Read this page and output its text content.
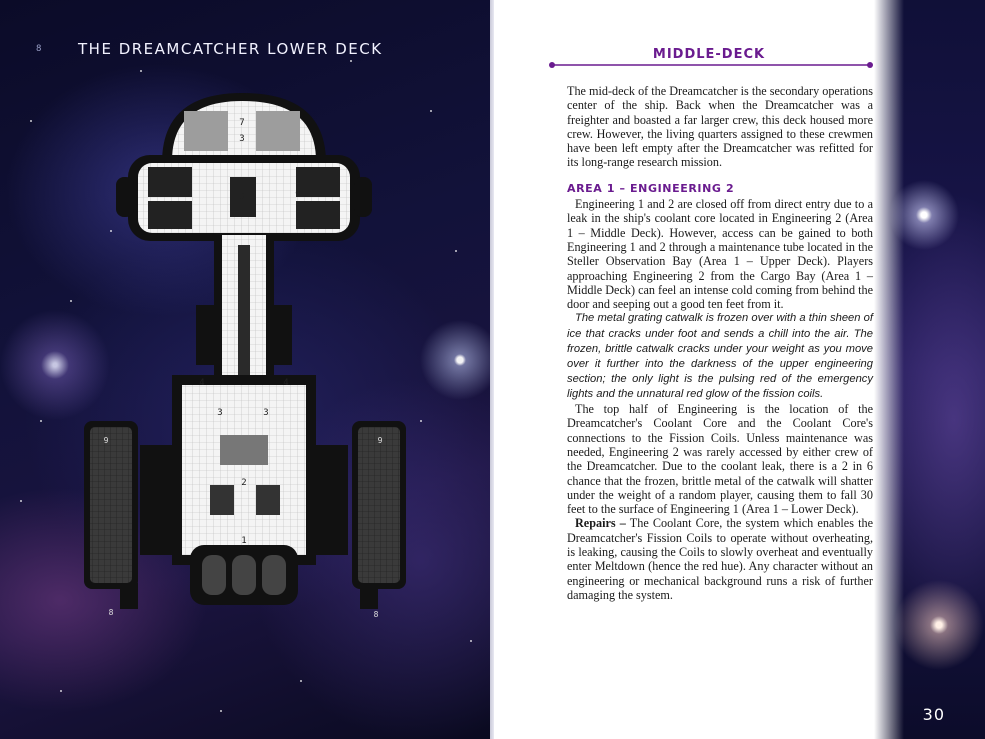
8 THE DREAMCATCHER LOWER DECK
7
9
3
3	9
4	4
3	3
2
1
9	9
8	8
MIDDLE-DECK

The mid-deck of the Dreamcatcher is the secondary operations center of the ship. Back when the Dreamcatcher was a freighter and boasted a far larger crew, this deck housed more crew. However, the living quarters assigned to these crewmen have been left empty after the Dreamcatcher was refitted for its long-range research mission.

AREA 1 – ENGINEERING 2

Engineering 1 and 2 are closed off from direct entry due to a leak in the ship's coolant core located in Engineering 2 (Area 1 – Middle Deck). However, access can be gained to both Engineering 1 and 2 through a maintenance tube located in the Steller Observation Bay (Area 1 – Upper Deck). Players approaching Engineering 2 from the Cargo Bay (Area 1 – Middle Deck) can feel an intense cold coming from behind the door and seeping out a good ten feet from it.

The metal grating catwalk is frozen over with a thin sheen of ice that cracks under foot and sends a chill into the air. The frozen, brittle catwalk cracks under your weight as you move over it further into the darkness of the upper engineering section; the only light is the pulsing red of the emergency lights and the unnatural red glow of the fission coils.

The top half of Engineering is the location of the Dreamcatcher's Coolant Core and the Coolant Core's connections to the Fission Coils. Unless maintenance was needed, Engineering 2 was rarely accessed by either crew of the Dreamcatcher. Due to the coolant leak, there is a 2 in 6 chance that the frozen, brittle metal of the catwalk will shatter under the weight of a random player, causing them to fall 30 feet to the surface of Engineering 1 (Area 1 – Lower Deck).

Repairs – The Coolant Core, the system which enables the Dreamcatcher's Fission Coils to operate without overheating, is leaking, causing the Coils to slowly overheat and eventually enter Meltdown (hence the red hue). Any character without an engineering or mechanical background runs a risk of further damaging the system.

30
